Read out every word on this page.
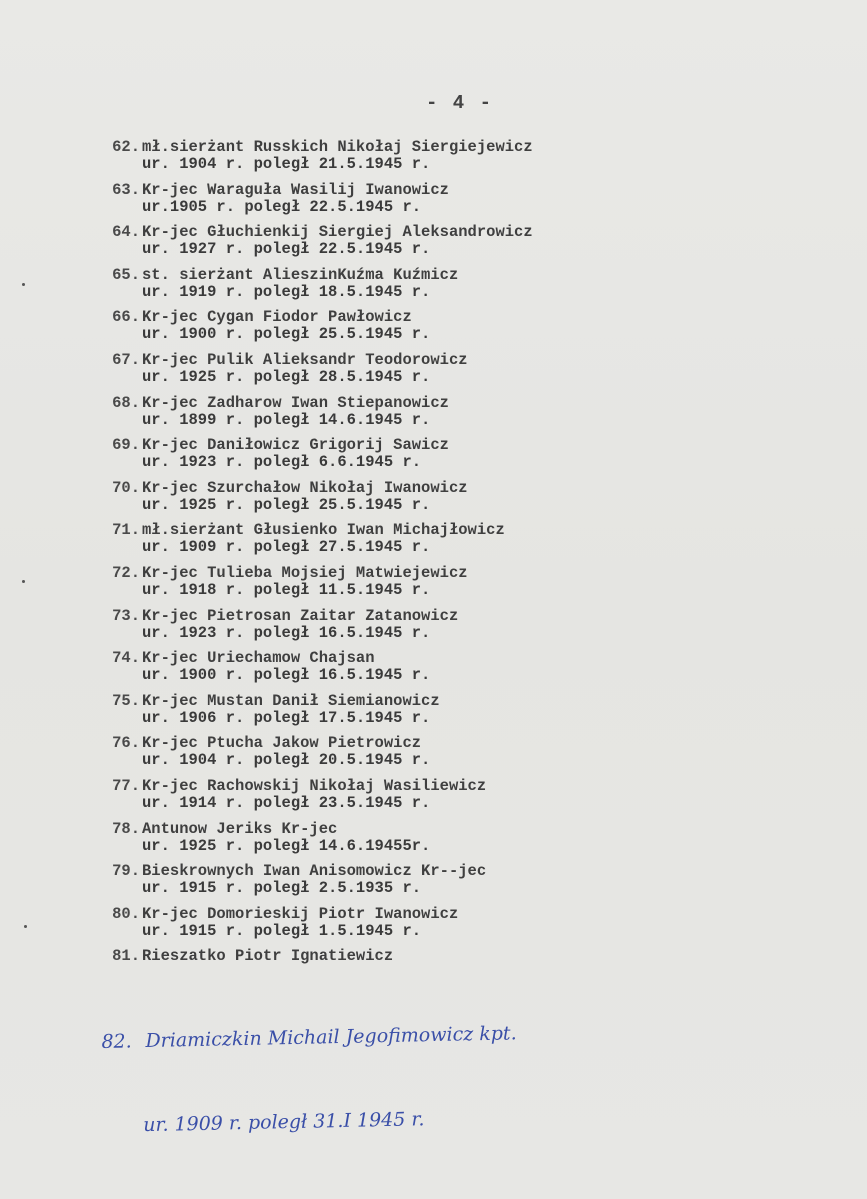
- 4 -
62. mł.sierżant Russkich Nikołaj Siergiejewicz
ur. 1904 r. poległ 21.5.1945 r.
63. Kr-jec Waraguła Wasilij Iwanowicz
ur.1905 r. poległ 22.5.1945 r.
64. Kr-jec Głuchienkij Siergiej Aleksandrowicz
ur. 1927 r. poległ 22.5.1945 r.
65. st. sierżant AlieszinKuźma Kuźmicz
ur. 1919 r. poległ 18.5.1945 r.
66. Kr-jec Cygan Fiodor Pawłowicz
ur. 1900 r. poległ 25.5.1945 r.
67. Kr-jec Pulik Alieksandr Teodorowicz
ur. 1925 r. poległ 28.5.1945 r.
68. Kr-jec Zadharow Iwan Stiepanowicz
ur. 1899 r. poległ 14.6.1945 r.
69. Kr-jec Daniłowicz Grigorij Sawicz
ur. 1923 r. poległ 6.6.1945 r.
70. Kr-jec Szurchałow Nikołaj Iwanowicz
ur. 1925 r. poległ 25.5.1945 r.
71. mł.sierżant Głusienko Iwan Michajłowicz
ur. 1909 r. poległ 27.5.1945 r.
72. Kr-jec Tulieba Mojsiej Matwiejewicz
ur. 1918 r. poległ 11.5.1945 r.
73. Kr-jec Pietrosan Zaitar Zatanowicz
ur. 1923 r. poległ 16.5.1945 r.
74. Kr-jec Uriechamow Chajsan
ur. 1900 r. poległ 16.5.1945 r.
75. Kr-jec Mustan Danił Siemianowicz
ur. 1906 r. poległ 17.5.1945 r.
76. Kr-jec Ptucha Jakow Pietrowicz
ur. 1904 r. poległ 20.5.1945 r.
77. Kr-jec Rachowskij Nikołaj Wasiliewicz
ur. 1914 r. poległ 23.5.1945 r.
78. Antunow Jeriks Kr-jec
ur. 1925 r. poległ 14.6.19455r.
79. Bieskrownych Iwan Anisomowicz Kr--jec
ur. 1915 r. poległ 2.5.1935 r.
80. Kr-jec Domorieskij Piotr Iwanowicz
ur. 1915 r. poległ 1.5.1945 r.
81. Rieszatko Piotr Ignatiewicz

82. Driamiczkin Michail Jegofimowicz kpt.

ur. 1909 r. poległ 31.I 1945 r.
